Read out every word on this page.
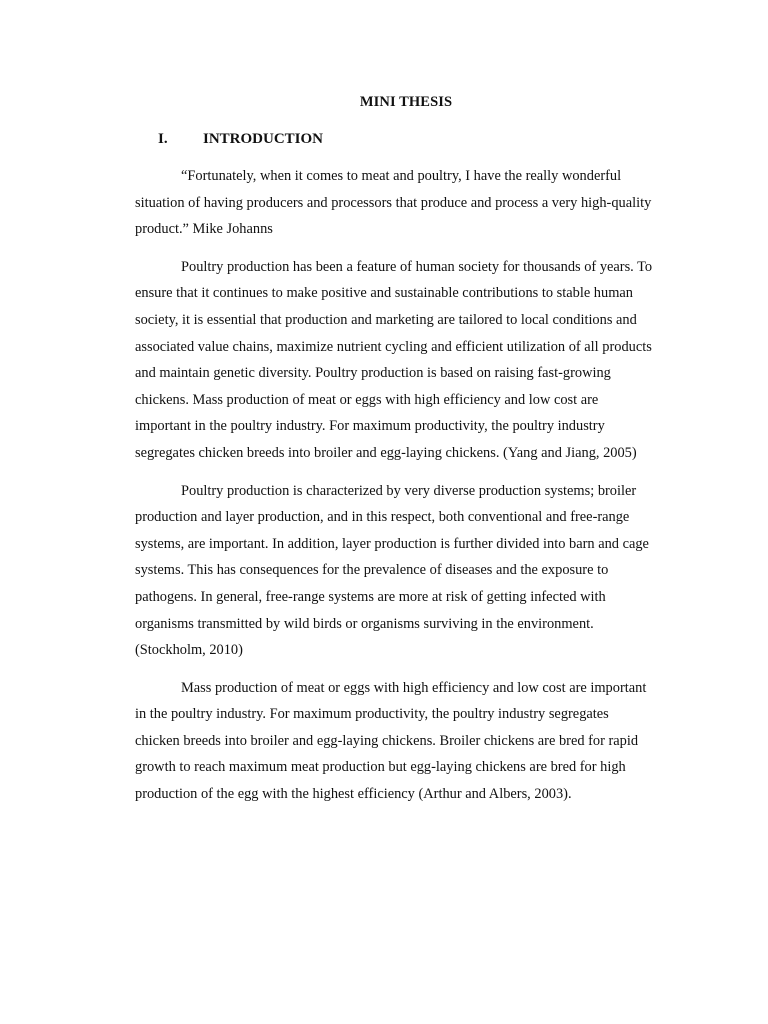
MINI THESIS
I. INTRODUCTION

“Fortunately, when it comes to meat and poultry, I have the really wonderful
situation of having producers and processors that produce and process a very high-quality
product.” Mike Johanns

Poultry production has been a feature of human society for thousands of years. To
ensure that it continues to make positive and sustainable contributions to stable human
society, it is essential that production and marketing are tailored to local conditions and
associated value chains, maximize nutrient cycling and efficient utilization of all products
and maintain genetic diversity. Poultry production is based on raising fast-growing
chickens. Mass production of meat or eggs with high efficiency and low cost are
important in the poultry industry. For maximum productivity, the poultry industry
segregates chicken breeds into broiler and egg-laying chickens. (Yang and Jiang, 2005)

Poultry production is characterized by very diverse production systems; broiler
production and layer production, and in this respect, both conventional and free-range
systems, are important. In addition, layer production is further divided into barn and cage
systems. This has consequences for the prevalence of diseases and the exposure to
pathogens. In general, free-range systems are more at risk of getting infected with
organisms transmitted by wild birds or organisms surviving in the environment.
(Stockholm, 2010)

Mass production of meat or eggs with high efficiency and low cost are important
in the poultry industry. For maximum productivity, the poultry industry segregates
chicken breeds into broiler and egg-laying chickens. Broiler chickens are bred for rapid
growth to reach maximum meat production but egg-laying chickens are bred for high
production of the egg with the highest efficiency (Arthur and Albers, 2003).
